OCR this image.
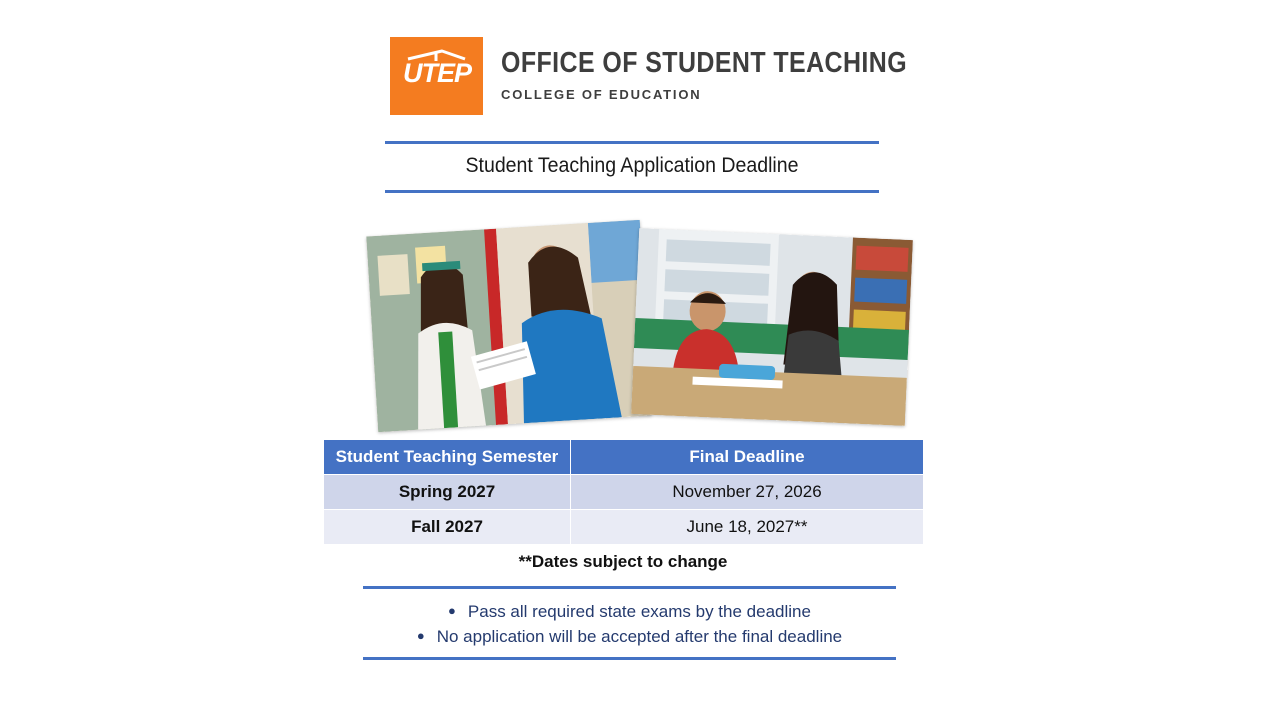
UTEP OFFICE OF STUDENT TEACHING
COLLEGE OF EDUCATION
Student Teaching Application Deadline
Student Teaching Semester	Final Deadline
Spring 2027	November 27, 2026
Fall 2027	June 18, 2027**
**Dates subject to change
● Pass all required state exams by the deadline
● No application will be accepted after the final deadline
